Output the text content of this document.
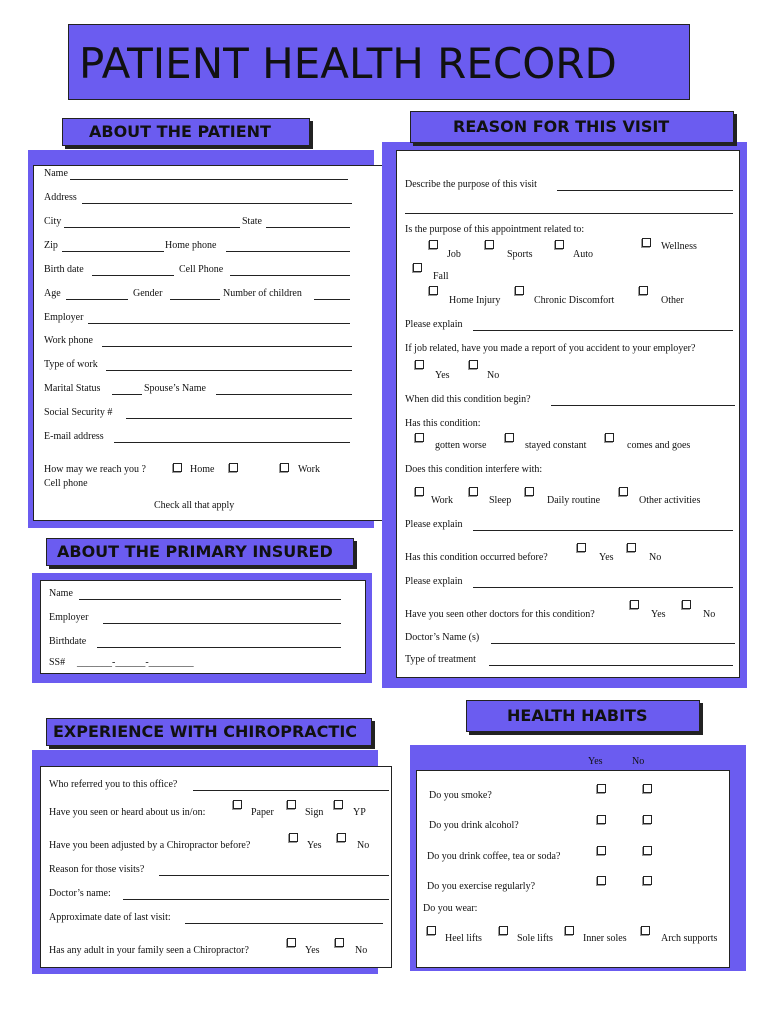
PATIENT HEALTH RECORD
Name
Address
City	State
Zip	Home phone
Birth date	Cell Phone
Age	Gender	Number of children
Employer
Work phone
Type of work
Marital Status	Spouse’s Name
Social Security #
E-mail address
How may we reach you ?	Home	Work
Cell phone
Check all that apply
ABOUT THE PATIENT
Describe the purpose of this visit
Is the purpose of this appointment related to:
Job	Sports	Auto
Wellness
Fall
Home Injury	Chronic Discomfort	Other
Please explain
If job related, have you made a report of you accident to your employer?
Yes	No
When did this condition begin?
Has this condition:
gotten worse	stayed constant	comes and goes
Does this condition interfere with:
Work	Sleep	Daily routine	Other activities
Please explain
Has this condition occurred before?	Yes	No
Please explain
Have you seen other doctors for this condition?	Yes	No
Doctor’s Name (s)
Type of treatment
REASON FOR THIS VISIT
Name
Employer
Birthdate
SS# _______-______-_________
ABOUT THE PRIMARY INSURED
Who referred you to this office?
Have you seen or heard about us in/on:	Paper	Sign	YP
Have you been adjusted by a Chiropractor before?	Yes	No
Reason for those visits?
Doctor’s name:
Approximate date of last visit:
Has any adult in your family seen a Chiropractor?	Yes	No
EXPERIENCE WITH CHIROPRACTIC
Do you smoke?
Do you drink alcohol?
Do you drink coffee, tea or soda?
Do you exercise regularly?
Do you wear:
Heel lifts	Sole lifts	Inner soles	Arch supports
Yes	No
HEALTH HABITS
